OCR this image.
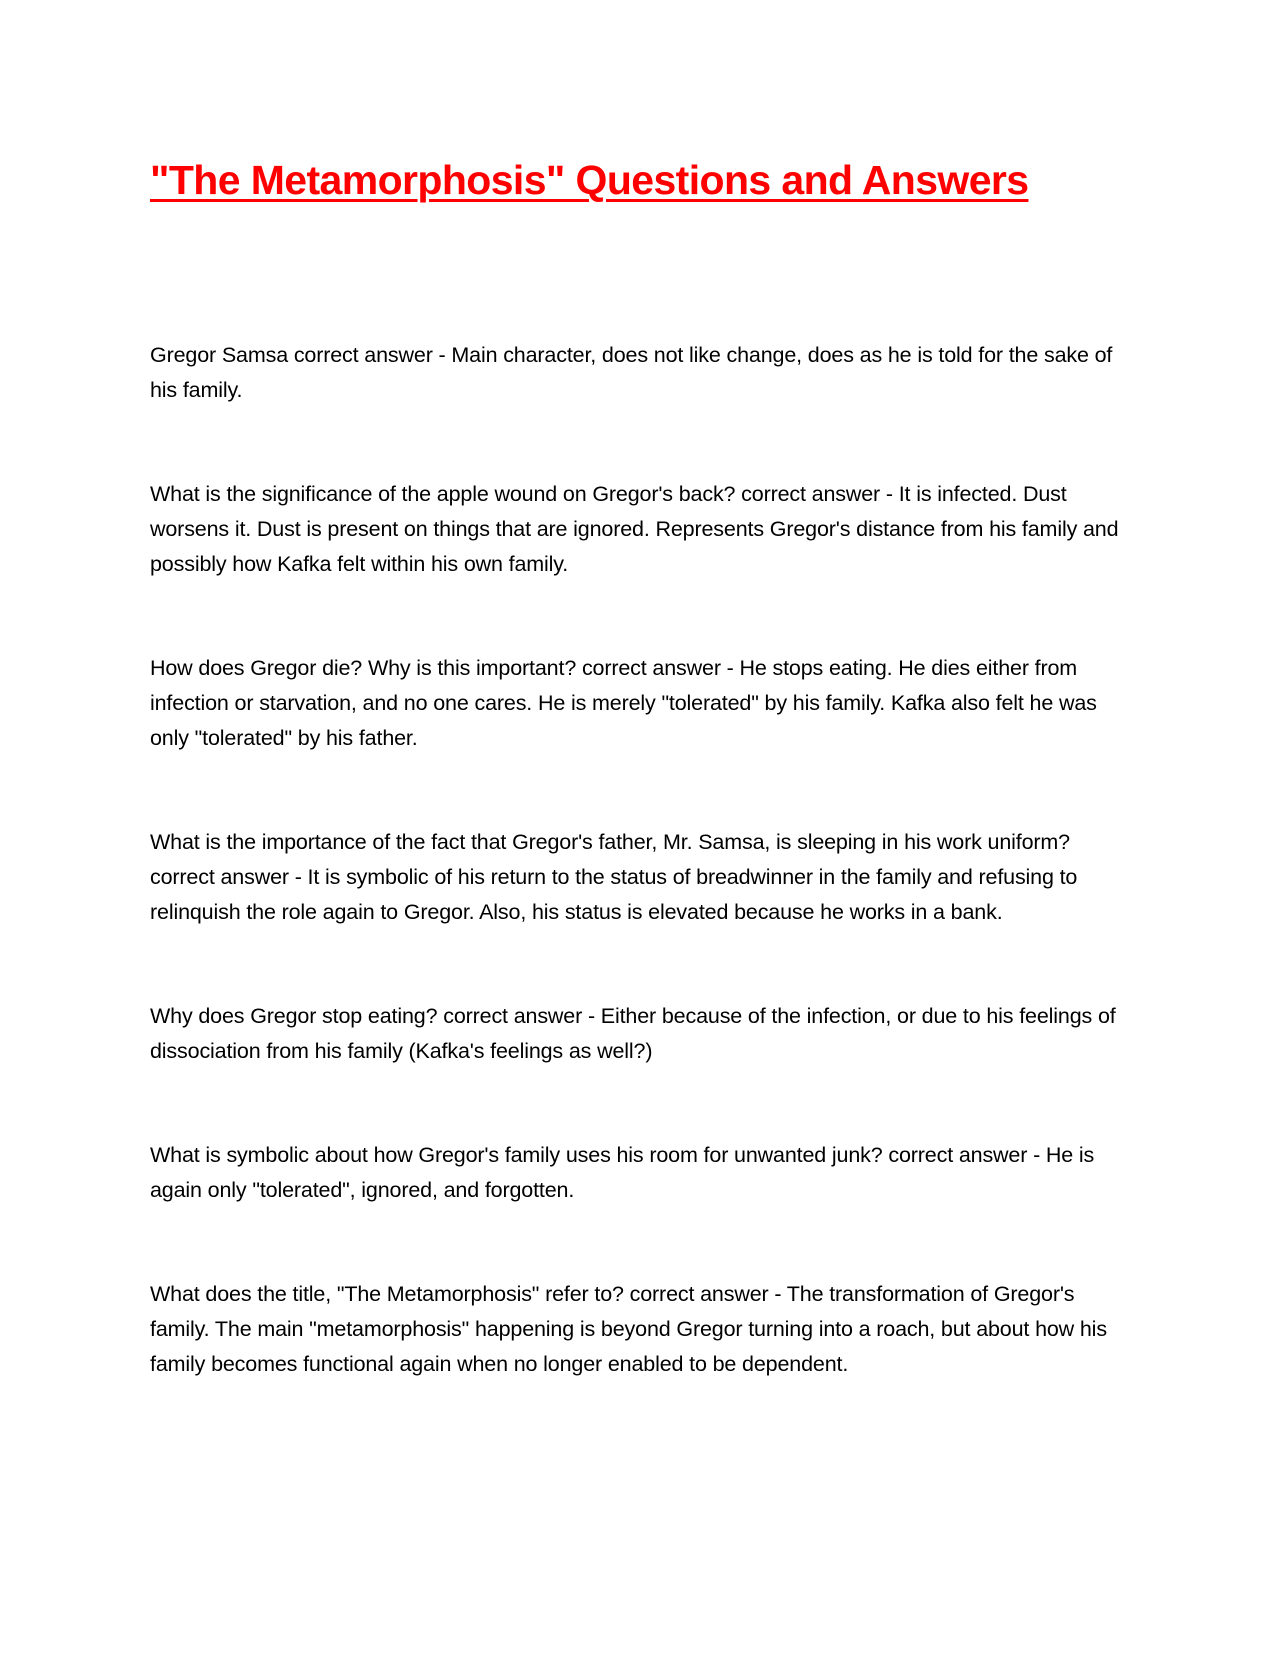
"The Metamorphosis" Questions and Answers

Gregor Samsa correct answer - Main character, does not like change, does as he is told for the sake of his family.

What is the significance of the apple wound on Gregor's back? correct answer - It is infected. Dust worsens it. Dust is present on things that are ignored. Represents Gregor's distance from his family and possibly how Kafka felt within his own family.

How does Gregor die? Why is this important? correct answer - He stops eating. He dies either from infection or starvation, and no one cares. He is merely "tolerated" by his family. Kafka also felt he was only "tolerated" by his father.

What is the importance of the fact that Gregor's father, Mr. Samsa, is sleeping in his work uniform? correct answer - It is symbolic of his return to the status of breadwinner in the family and refusing to relinquish the role again to Gregor. Also, his status is elevated because he works in a bank.

Why does Gregor stop eating? correct answer - Either because of the infection, or due to his feelings of dissociation from his family (Kafka's feelings as well?)

What is symbolic about how Gregor's family uses his room for unwanted junk? correct answer - He is again only "tolerated", ignored, and forgotten.

What does the title, "The Metamorphosis" refer to? correct answer - The transformation of Gregor's family. The main "metamorphosis" happening is beyond Gregor turning into a roach, but about how his family becomes functional again when no longer enabled to be dependent.
